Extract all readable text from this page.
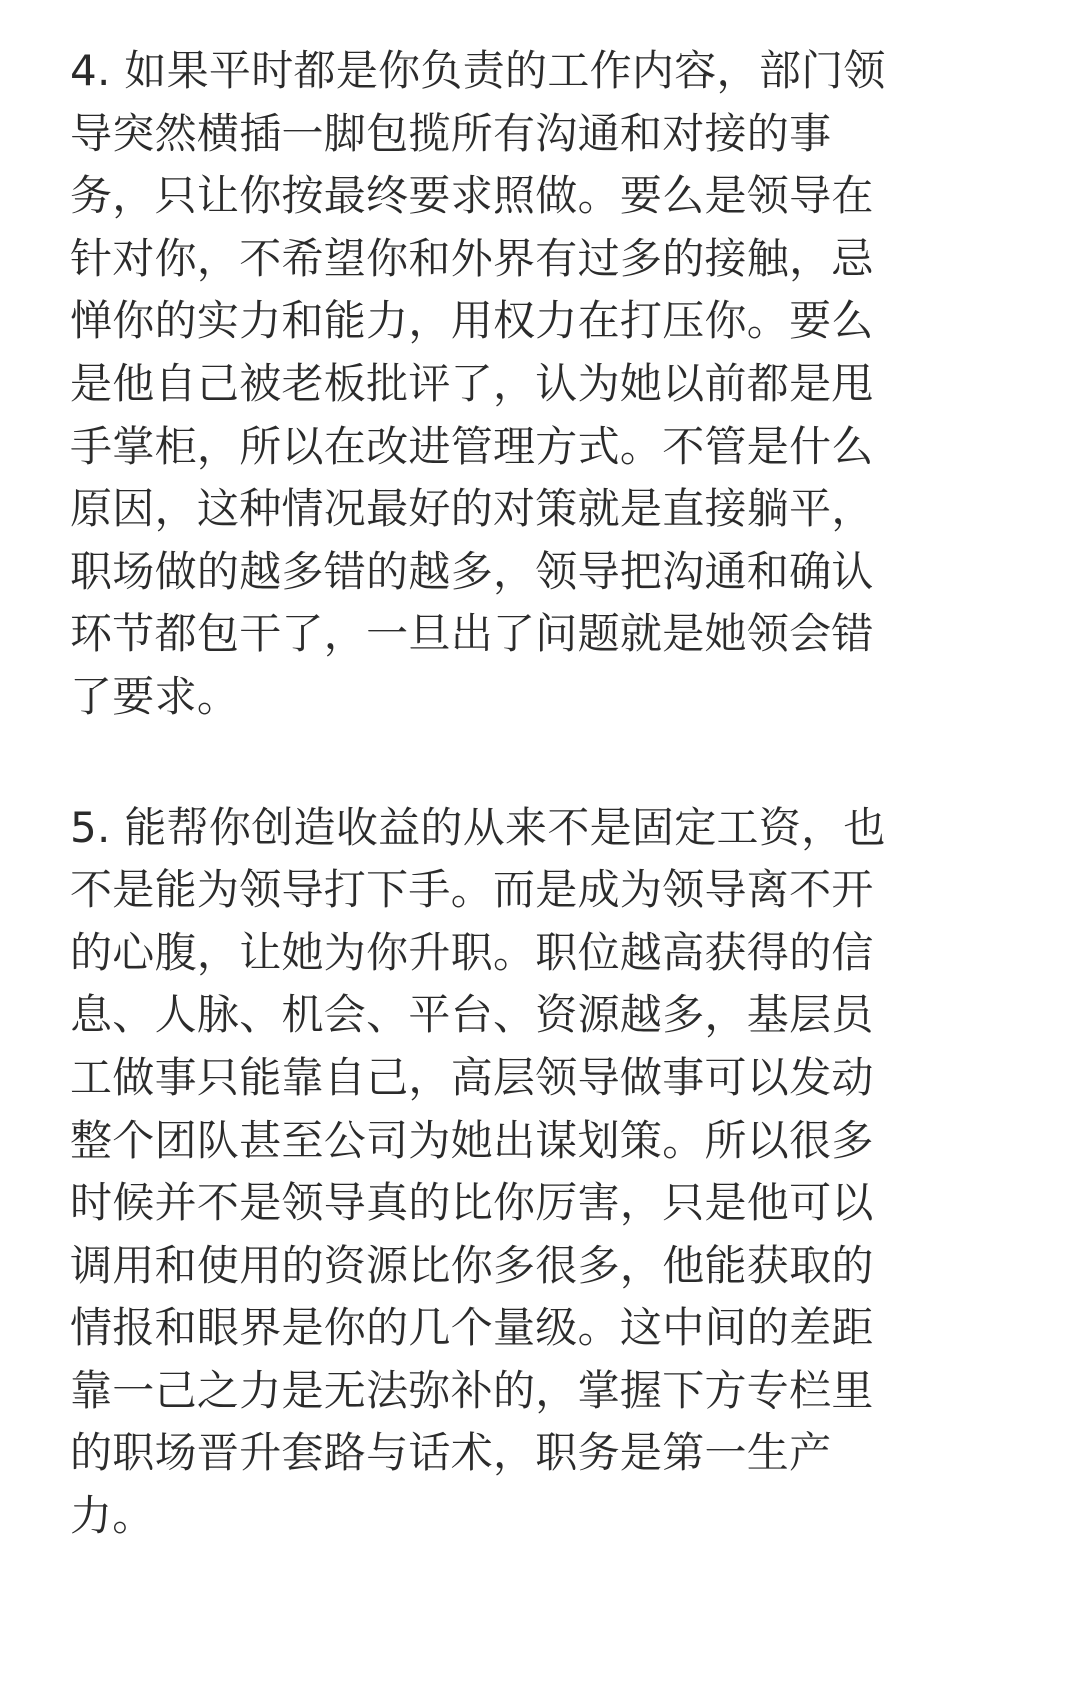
4. 如果平时都是你负责的工作内容，部门领
导突然横插一脚包揽所有沟通和对接的事
务，只让你按最终要求照做。要么是领导在
针对你，不希望你和外界有过多的接触，忌
惮你的实力和能力，用权力在打压你。要么
是他自己被老板批评了，认为她以前都是甩
手掌柜，所以在改进管理方式。不管是什么
原因，这种情况最好的对策就是直接躺平，
职场做的越多错的越多，领导把沟通和确认
环节都包干了，一旦出了问题就是她领会错
了要求。
5. 能帮你创造收益的从来不是固定工资，也
不是能为领导打下手。而是成为领导离不开
的心腹，让她为你升职。职位越高获得的信
息、人脉、机会、平台、资源越多，基层员
工做事只能靠自己，高层领导做事可以发动
整个团队甚至公司为她出谋划策。所以很多
时候并不是领导真的比你厉害，只是他可以
调用和使用的资源比你多很多，他能获取的
情报和眼界是你的几个量级。这中间的差距
靠一己之力是无法弥补的，掌握下方专栏里
的职场晋升套路与话术，职务是第一生产
力。
